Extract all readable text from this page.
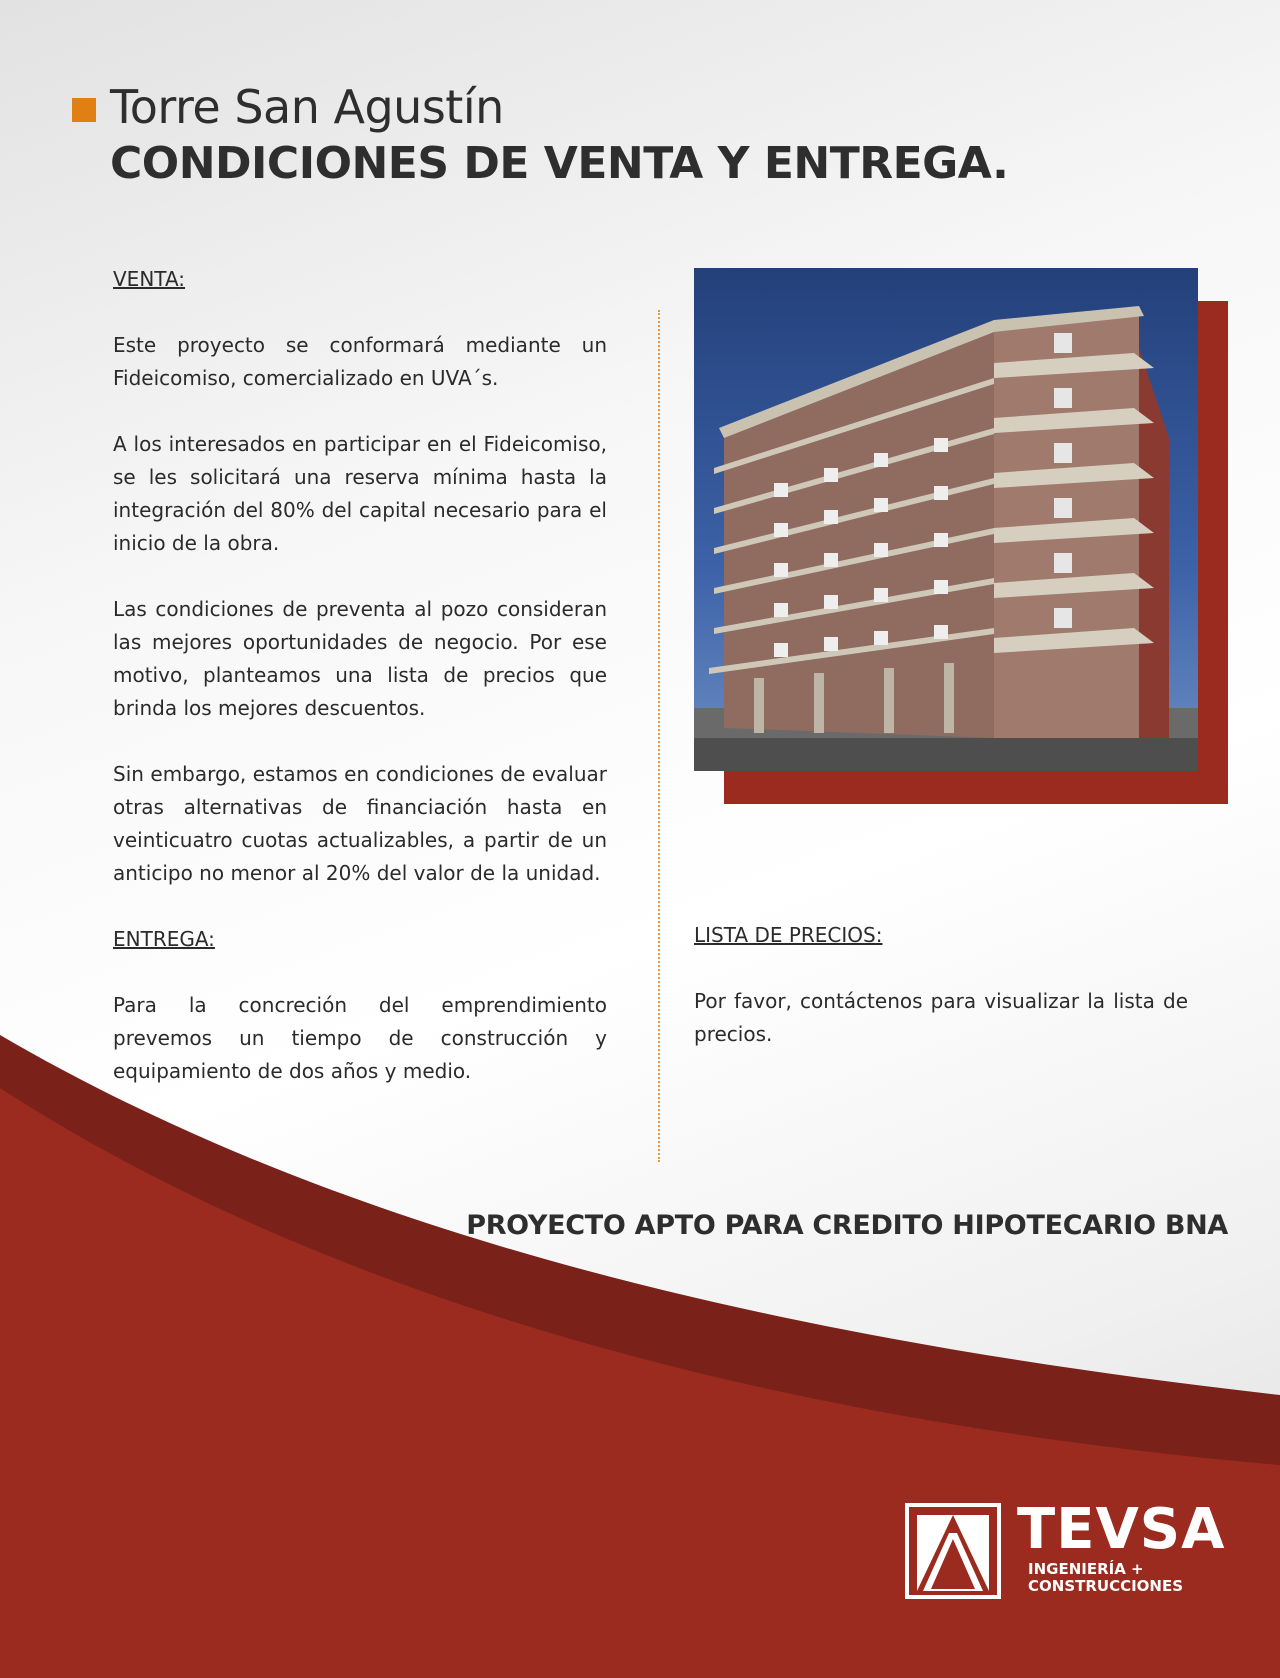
Torre San Agustín
CONDICIONES DE VENTA Y ENTREGA.
VENTA:

Este proyecto se conformará mediante un Fideicomiso, comercializado en UVA´s.

A los interesados en participar en el Fideicomiso, se les solicitará una reserva mínima hasta la integración del 80% del capital necesario para el inicio de la obra.

Las condiciones de preventa al pozo consideran las mejores oportunidades de negocio. Por ese motivo, planteamos una lista de precios que brinda los mejores descuentos.

Sin embargo, estamos en condiciones de evaluar otras alternativas de financiación hasta en veinticuatro cuotas actualizables, a partir de un anticipo no menor al 20% del valor de la unidad.

ENTREGA:

Para la concreción del emprendimiento prevemos un tiempo de construcción y equipamiento de dos años y medio.

LISTA DE PRECIOS:

Por favor, contáctenos para visualizar la lista de precios.

PROYECTO APTO PARA CREDITO HIPOTECARIO BNA
TEVSA
INGENIERÍA +
CONSTRUCCIONES
